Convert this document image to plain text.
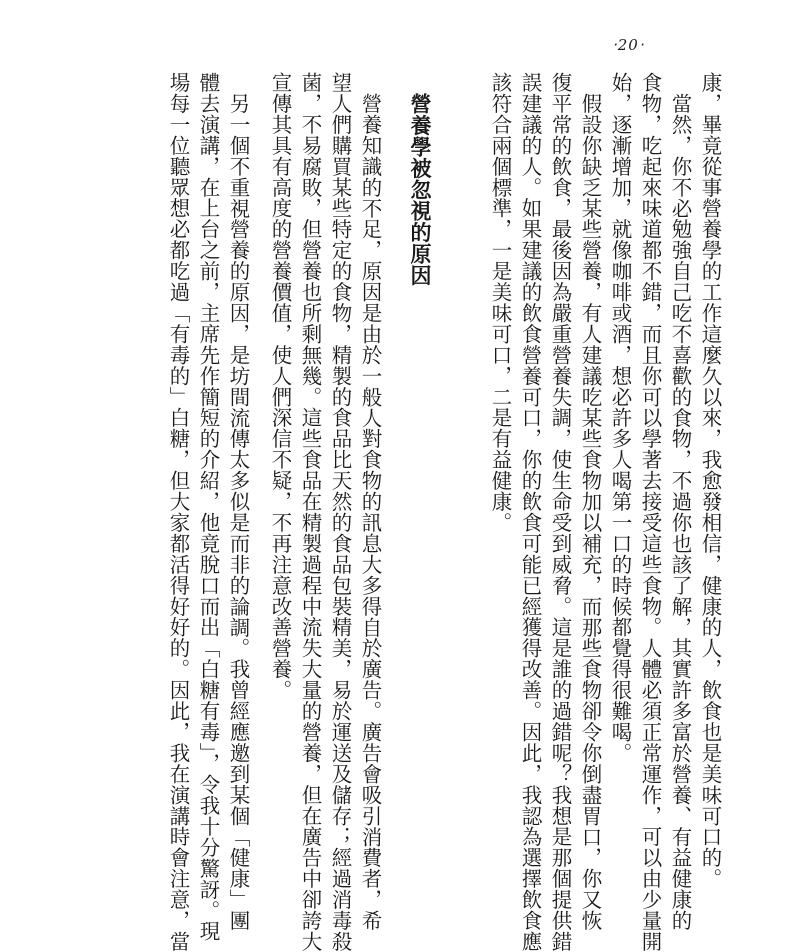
‧20‧
康，畢竟從事營養學的工作這麼久以來，我愈發相信，健康的人，飲食也是美味可口的。
當然，你不必勉強自己吃不喜歡的食物，不過你也該了解，其實許多富於營養、有益健康的
食物，吃起來味道都不錯，而且你可以學著去接受這些食物。人體必須正常運作，可以由少量開
始，逐漸增加，就像咖啡或酒，想必許多人喝第一口的時候都覺得很難喝。
假設你缺乏某些營養，有人建議吃某些食物加以補充，而那些食物卻令你倒盡胃口，你又恢
復平常的飲食，最後因為嚴重營養失調，使生命受到威脅。這是誰的過錯呢？我想是那個提供錯
誤建議的人。如果建議的飲食營養可口，你的飲食可能已經獲得改善。因此，我認為選擇飲食應
該符合兩個標準，一是美味可口，二是有益健康。
營養學被忽視的原因
營養知識的不足，原因是由於一般人對食物的訊息大多得自於廣告。廣告會吸引消費者，希
望人們購買某些特定的食物，精製的食品比天然的食品包裝精美，易於運送及儲存；經過消毒殺
菌，不易腐敗，但營養也所剩無幾。這些食品在精製過程中流失大量的營養，但在廣告中卻誇大
宣傳其具有高度的營養價值，使人們深信不疑，不再注意改善營養。
另一個不重視營養的原因，是坊間流傳太多似是而非的論調。我曾經應邀到某個「健康」團
體去演講，在上台之前，主席先作簡短的介紹，他竟脫口而出「白糖有毒」，令我十分驚訝。現
場每一位聽眾想必都吃過「有毒的」白糖，但大家都活得好好的。因此，我在演講時會注意，當
